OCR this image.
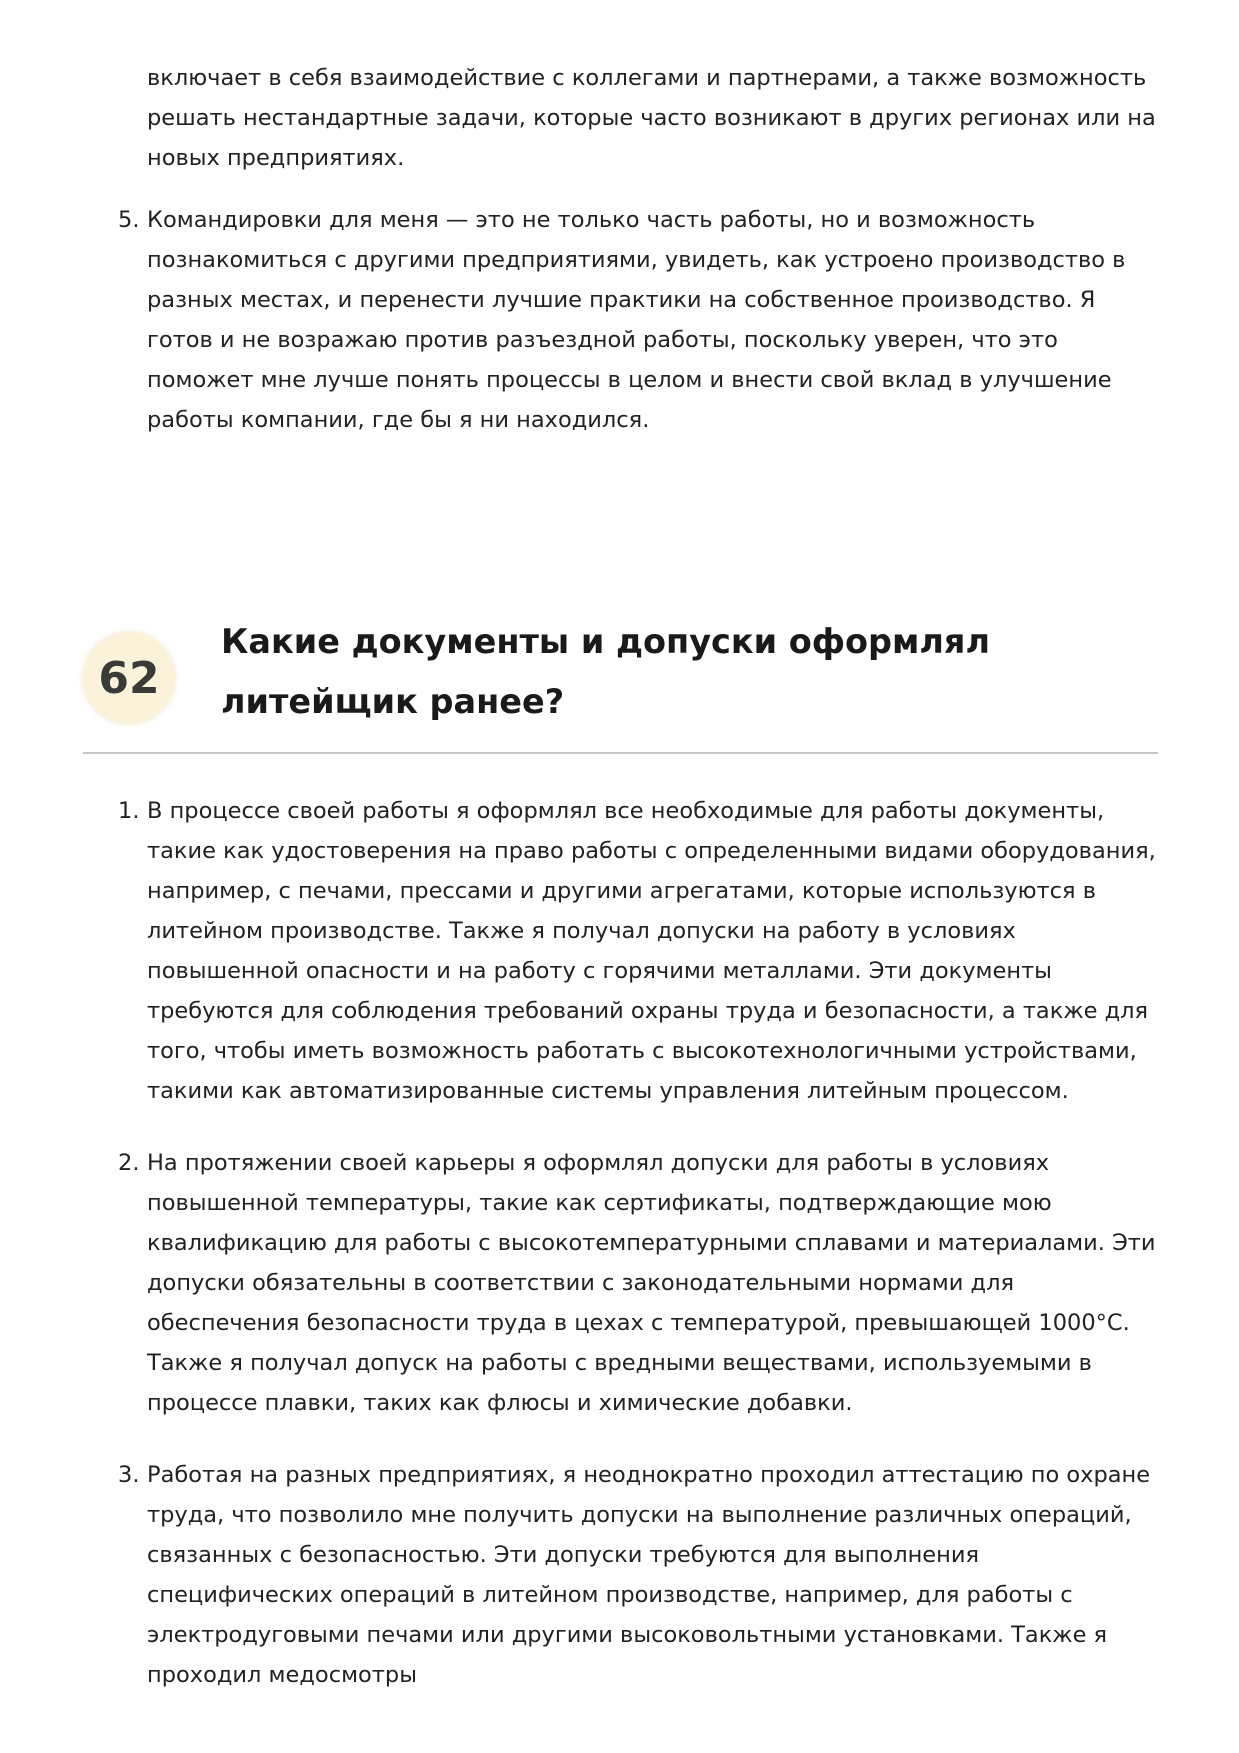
включает в себя взаимодействие с коллегами и партнерами, а также возможность решать нестандартные задачи, которые часто возникают в других регионах или на новых предприятиях.
5. Командировки для меня — это не только часть работы, но и возможность познакомиться с другими предприятиями, увидеть, как устроено производство в разных местах, и перенести лучшие практики на собственное производство. Я готов и не возражаю против разъездной работы, поскольку уверен, что это поможет мне лучше понять процессы в целом и внести свой вклад в улучшение работы компании, где бы я ни находился.
62
Какие документы и допуски оформлял литейщик ранее?
1. В процессе своей работы я оформлял все необходимые для работы документы, такие как удостоверения на право работы с определенными видами оборудования, например, с печами, прессами и другими агрегатами, которые используются в литейном производстве. Также я получал допуски на работу в условиях повышенной опасности и на работу с горячими металлами. Эти документы требуются для соблюдения требований охраны труда и безопасности, а также для того, чтобы иметь возможность работать с высокотехнологичными устройствами, такими как автоматизированные системы управления литейным процессом.
2. На протяжении своей карьеры я оформлял допуски для работы в условиях повышенной температуры, такие как сертификаты, подтверждающие мою квалификацию для работы с высокотемпературными сплавами и материалами. Эти допуски обязательны в соответствии с законодательными нормами для обеспечения безопасности труда в цехах с температурой, превышающей 1000°C. Также я получал допуск на работы с вредными веществами, используемыми в процессе плавки, таких как флюсы и химические добавки.
3. Работая на разных предприятиях, я неоднократно проходил аттестацию по охране труда, что позволило мне получить допуски на выполнение различных операций, связанных с безопасностью. Эти допуски требуются для выполнения специфических операций в литейном производстве, например, для работы с электродуговыми печами или другими высоковольтными установками. Также я проходил медосмотры
